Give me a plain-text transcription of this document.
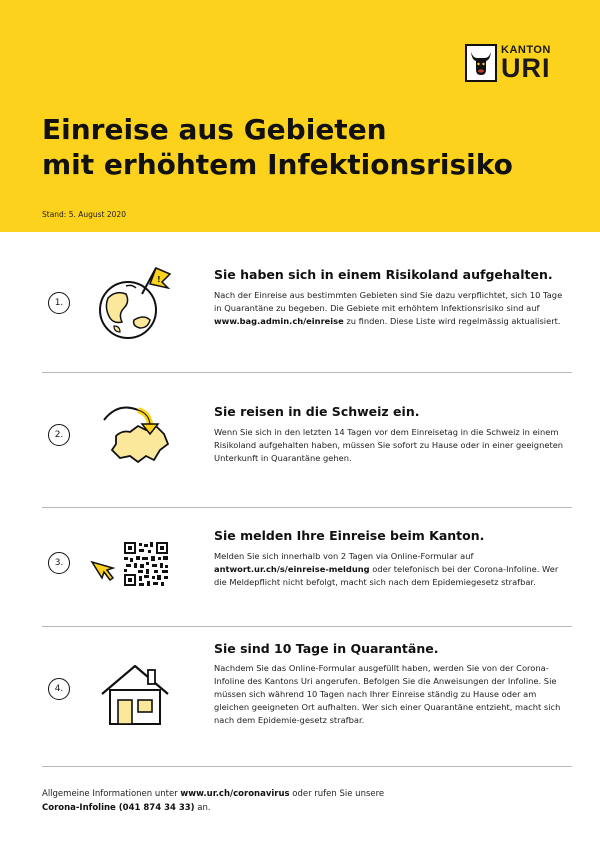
KANTON
URI
Einreise aus Gebieten
mit erhöhtem Infektionsrisiko
Stand: 5. August 2020
1.
!	Sie haben sich in einem Risikoland aufgehalten.
Nach der Einreise aus bestimmten Gebieten sind Sie dazu verpflichtet, sich 10 Tage in Quarantäne zu begeben. Die Gebiete mit erhöhtem Infektionsrisiko sind auf www.bag.admin.ch/einreise zu finden. Diese Liste wird regelmässig aktualisiert.
2.
Sie reisen in die Schweiz ein.
Wenn Sie sich in den letzten 14 Tagen vor dem Einreisetag in die Schweiz in einem Risikoland aufgehalten haben, müssen Sie sofort zu Hause oder in einer geeigneten Unterkunft in Quarantäne gehen.
3.
Sie melden Ihre Einreise beim Kanton.
Melden Sie sich innerhalb von 2 Tagen via Online-Formular auf antwort.ur.ch/s/einreise-meldung oder telefonisch bei der Corona-Infoline. Wer die Meldepflicht nicht befolgt, macht sich nach dem Epidemiegesetz strafbar.
4.
Sie sind 10 Tage in Quarantäne.
Nachdem Sie das Online-Formular ausgefüllt haben, werden Sie von der Corona-Infoline des Kantons Uri angerufen. Befolgen Sie die Anweisungen der Infoline. Sie müssen sich während 10 Tagen nach Ihrer Einreise ständig zu Hause oder am gleichen geeigneten Ort aufhalten. Wer sich einer Quarantäne entzieht, macht sich nach dem Epidemie-gesetz strafbar.
Allgemeine Informationen unter www.ur.ch/coronavirus oder rufen Sie unsere
Corona-Infoline (041 874 34 33) an.
